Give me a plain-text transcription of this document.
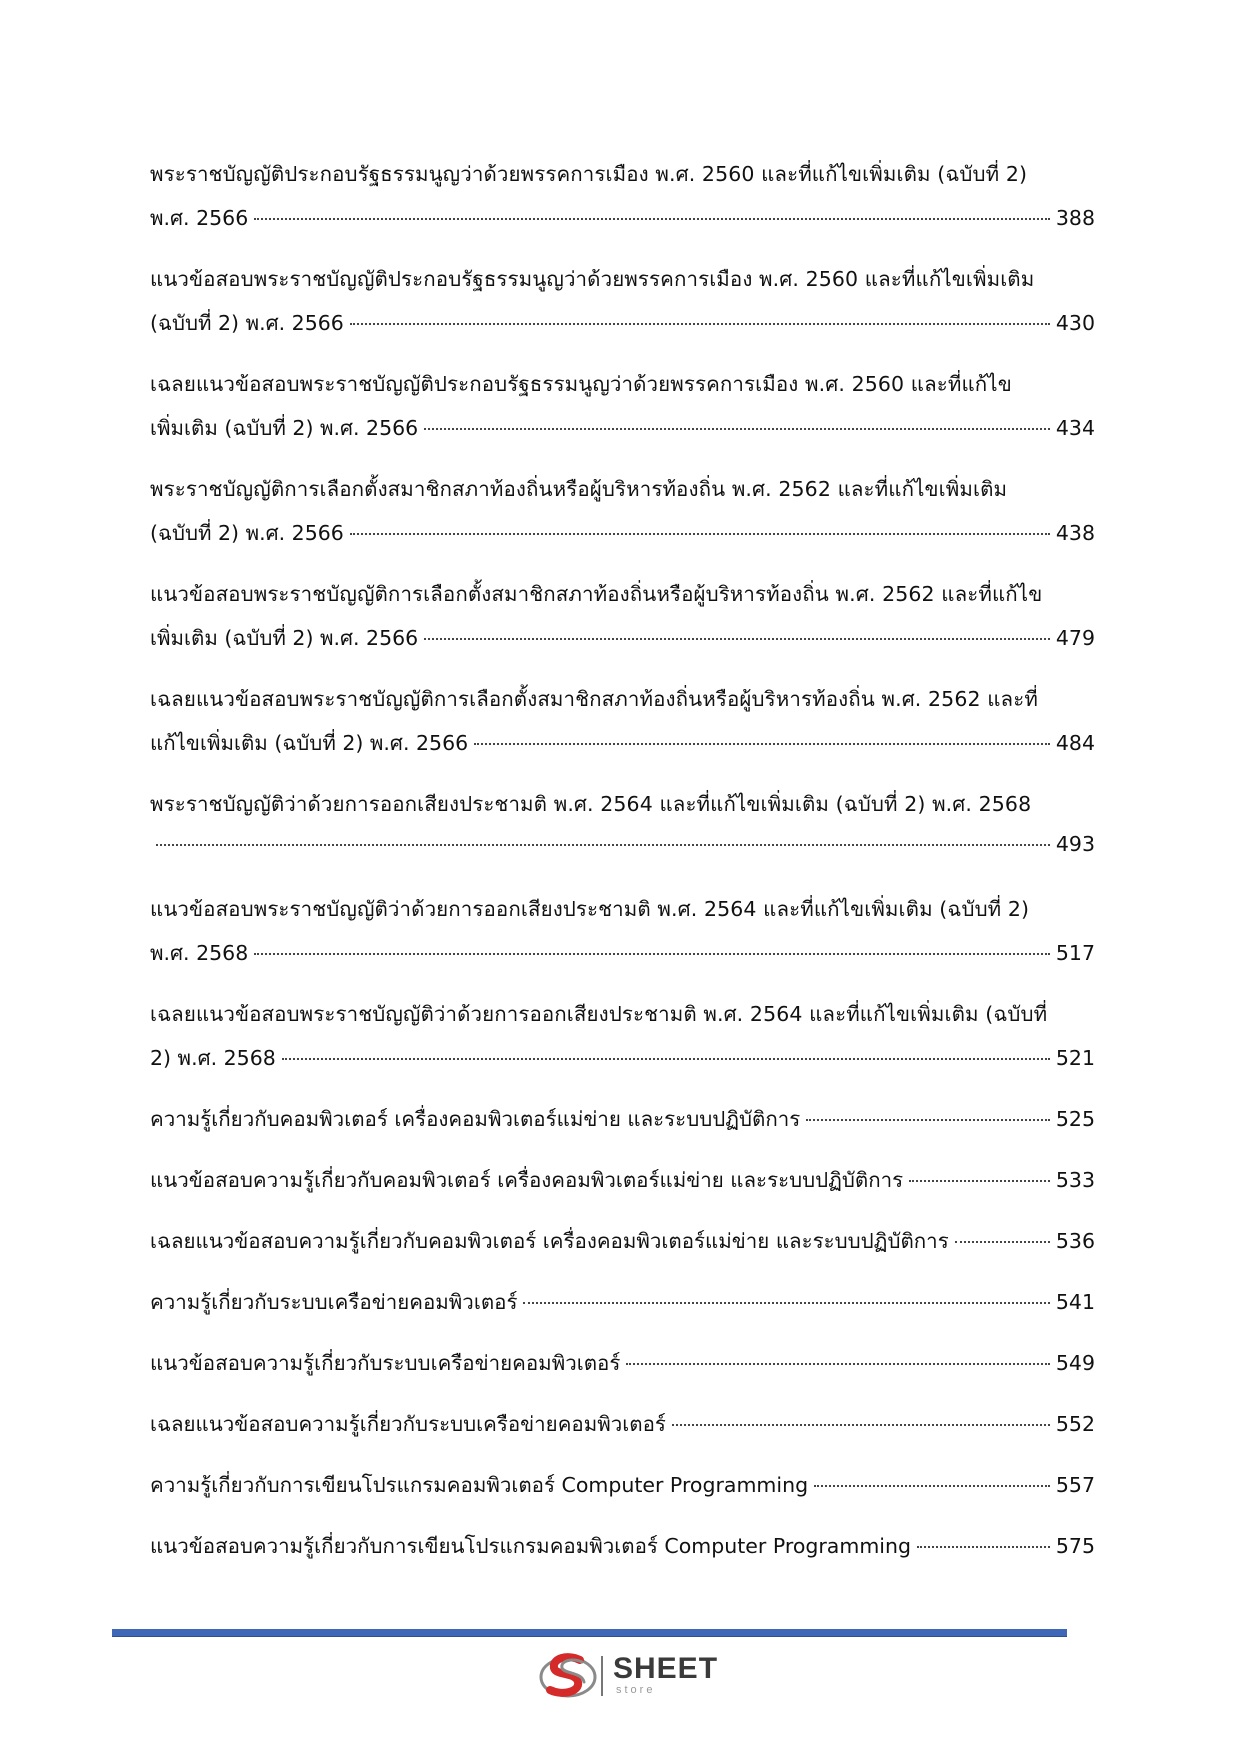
พระราชบัญญัติประกอบรัฐธรรมนูญว่าด้วยพรรคการเมือง พ.ศ. 2560 และที่แก้ไขเพิ่มเติม (ฉบับที่ 2)
พ.ศ. 2566	388
แนวข้อสอบพระราชบัญญัติประกอบรัฐธรรมนูญว่าด้วยพรรคการเมือง พ.ศ. 2560 และที่แก้ไขเพิ่มเติม
(ฉบับที่ 2) พ.ศ. 2566	430
เฉลยแนวข้อสอบพระราชบัญญัติประกอบรัฐธรรมนูญว่าด้วยพรรคการเมือง พ.ศ. 2560 และที่แก้ไข
เพิ่มเติม (ฉบับที่ 2) พ.ศ. 2566	434
พระราชบัญญัติการเลือกตั้งสมาชิกสภาท้องถิ่นหรือผู้บริหารท้องถิ่น พ.ศ. 2562 และที่แก้ไขเพิ่มเติม
(ฉบับที่ 2) พ.ศ. 2566	438
แนวข้อสอบพระราชบัญญัติการเลือกตั้งสมาชิกสภาท้องถิ่นหรือผู้บริหารท้องถิ่น พ.ศ. 2562 และที่แก้ไข
เพิ่มเติม (ฉบับที่ 2) พ.ศ. 2566	479
เฉลยแนวข้อสอบพระราชบัญญัติการเลือกตั้งสมาชิกสภาท้องถิ่นหรือผู้บริหารท้องถิ่น พ.ศ. 2562 และที่
แก้ไขเพิ่มเติม (ฉบับที่ 2) พ.ศ. 2566	484
พระราชบัญญัติว่าด้วยการออกเสียงประชามติ พ.ศ. 2564 และที่แก้ไขเพิ่มเติม (ฉบับที่ 2) พ.ศ. 2568
493
แนวข้อสอบพระราชบัญญัติว่าด้วยการออกเสียงประชามติ พ.ศ. 2564 และที่แก้ไขเพิ่มเติม (ฉบับที่ 2)
พ.ศ. 2568	517
เฉลยแนวข้อสอบพระราชบัญญัติว่าด้วยการออกเสียงประชามติ พ.ศ. 2564 และที่แก้ไขเพิ่มเติม (ฉบับที่
2) พ.ศ. 2568	521
ความรู้เกี่ยวกับคอมพิวเตอร์ เครื่องคอมพิวเตอร์แม่ข่าย และระบบปฏิบัติการ	525
แนวข้อสอบความรู้เกี่ยวกับคอมพิวเตอร์ เครื่องคอมพิวเตอร์แม่ข่าย และระบบปฏิบัติการ	533
เฉลยแนวข้อสอบความรู้เกี่ยวกับคอมพิวเตอร์ เครื่องคอมพิวเตอร์แม่ข่าย และระบบปฏิบัติการ	536
ความรู้เกี่ยวกับระบบเครือข่ายคอมพิวเตอร์	541
แนวข้อสอบความรู้เกี่ยวกับระบบเครือข่ายคอมพิวเตอร์	549
เฉลยแนวข้อสอบความรู้เกี่ยวกับระบบเครือข่ายคอมพิวเตอร์	552
ความรู้เกี่ยวกับการเขียนโปรแกรมคอมพิวเตอร์ Computer Programming	557
แนวข้อสอบความรู้เกี่ยวกับการเขียนโปรแกรมคอมพิวเตอร์ Computer Programming	575
SHEET
store
